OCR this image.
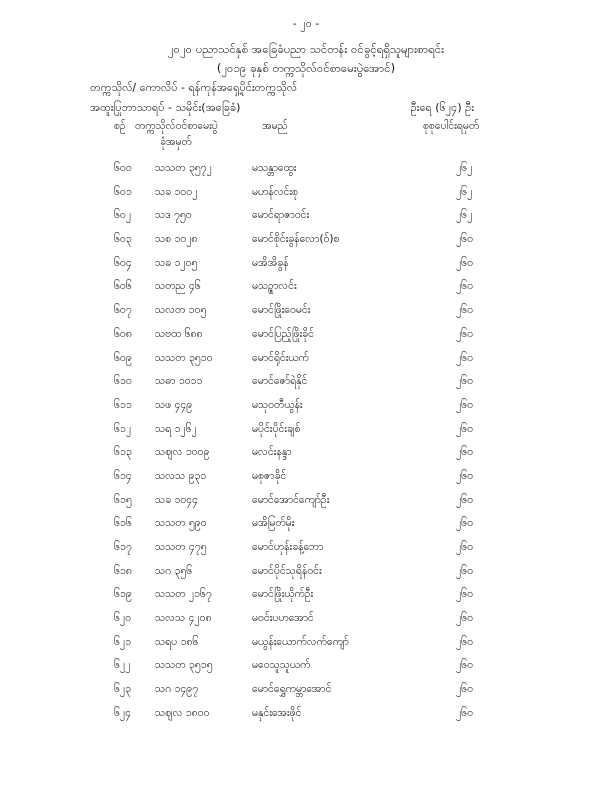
- ၂၀ -
၂၀၂၀ ပညာသင်နှစ် အခြေခံပညာ သင်တန်း ဝင်ခွင့်ရရှိသူများစာရင်း
(၂၀၁၉ ခုနှစ် တက္ကသိုလ်ဝင်စာမေးပွဲအောင်)
တက္ကသိုလ်/ ကောလိပ် - ရန်ကုန်အရှေ့ပိုင်းတက္ကသိုလ်
အထူးပြုဘာသာရပ် - သမိုင်း(အခြေခံ)	ဦးရေ (၆၂၄) ဦး
စဉ် တက္ကသိုလ်ဝင်စာမေးပွဲ
ခုံအမှတ်
အမည်	စုစုပေါင်းရမှတ်
၆၀၀ သသတ ၃၅၇၂	မသန္တာထွေး	၂၆၂
၆၀၁ သခ ၁၀၀၂	မဟန်လင်းစု	၂၆၂
၆၀၂ သဒ ၇၅၀	မောင်ရာဇာဝင်း	၂၆၂
၆၀၃ သစ ၁၀၂၈	မောင်စိုင်းခွန်လော(ဝ်)စ	၂၆၀
၆၀၄ သခ ၁၂၀၅	မအိအိခွန်	၂၆၀
၆၀၆ သတည ၄၆	မသဉ္စာလင်း	၂၆၀
၆၀၇ သလတ ၁၀၅	မောင်ဖြိုးဝေမင်း	၂၆၀
၆၀၈ သဗထ ၆၈၈	မောင်ပြည့်ဖြိုးခိုင်	၂၆၀
၆၀၉ သသတ ၃၅၁၀	မောင်ရိုင်းယက်	၂၆၀
၆၁၀ သဓာ ၁၀၁၁	မောင်ဇော်ရဲနိုင်	၂၆၀
၆၁၁ သဖ ၄၄၉	မသုဝတီယွန်း	၂၆၀
၆၁၂ သရ ၁၂၆၂	မပိုင်းပိုင်းချစ်	၂၆၀
၆၁၃ သဈလ ၁၀၀၉	မလင်းနန္ဒာ	၂၆၀
၆၁၄ သလသ ၉၃၁	မစုဇာခိုင်	၂၆၀
၆၁၅ သခ ၁၀၄၄	မောင်အောင်ကျော်ဦး	၂၆၀
၆၁၆ သသတ ၅၉၀	မအိမြတ်မိုး	၂၆၀
၆၁၇ သသတ ၄၇၅	မောင်ဟုန်းခန့်ဘော	၂၆၀
၆၁၈ သဂ ၃၅၆	မောင်ပိုင်သုရိန်ဝင်း	၂၆၀
၆၁၉ သသတ ၂၁၆၇	မောင်ဖြိုးယိုက်ဦး	၂၆၀
၆၂၀ သလသ ၄၂၀၈	မဝင်းပဟအောင်	၂၆၀
၆၂၁ သရပ ၁၈၆	မယွန်းယောက်လက်ကျော်	၂၆၀
၆၂၂ သသတ ၃၅၁၅	မဝေသူသူယက်	၂၆၀
၆၂၃ သဂ ၁၄၉၇	မောင်ရွှေကမ္ဘာအောင်	၂၆၀
၆၂၄ သဈလ ၁၈၀၀	မနှင်းအေးဖိုင်	၂၆၀
